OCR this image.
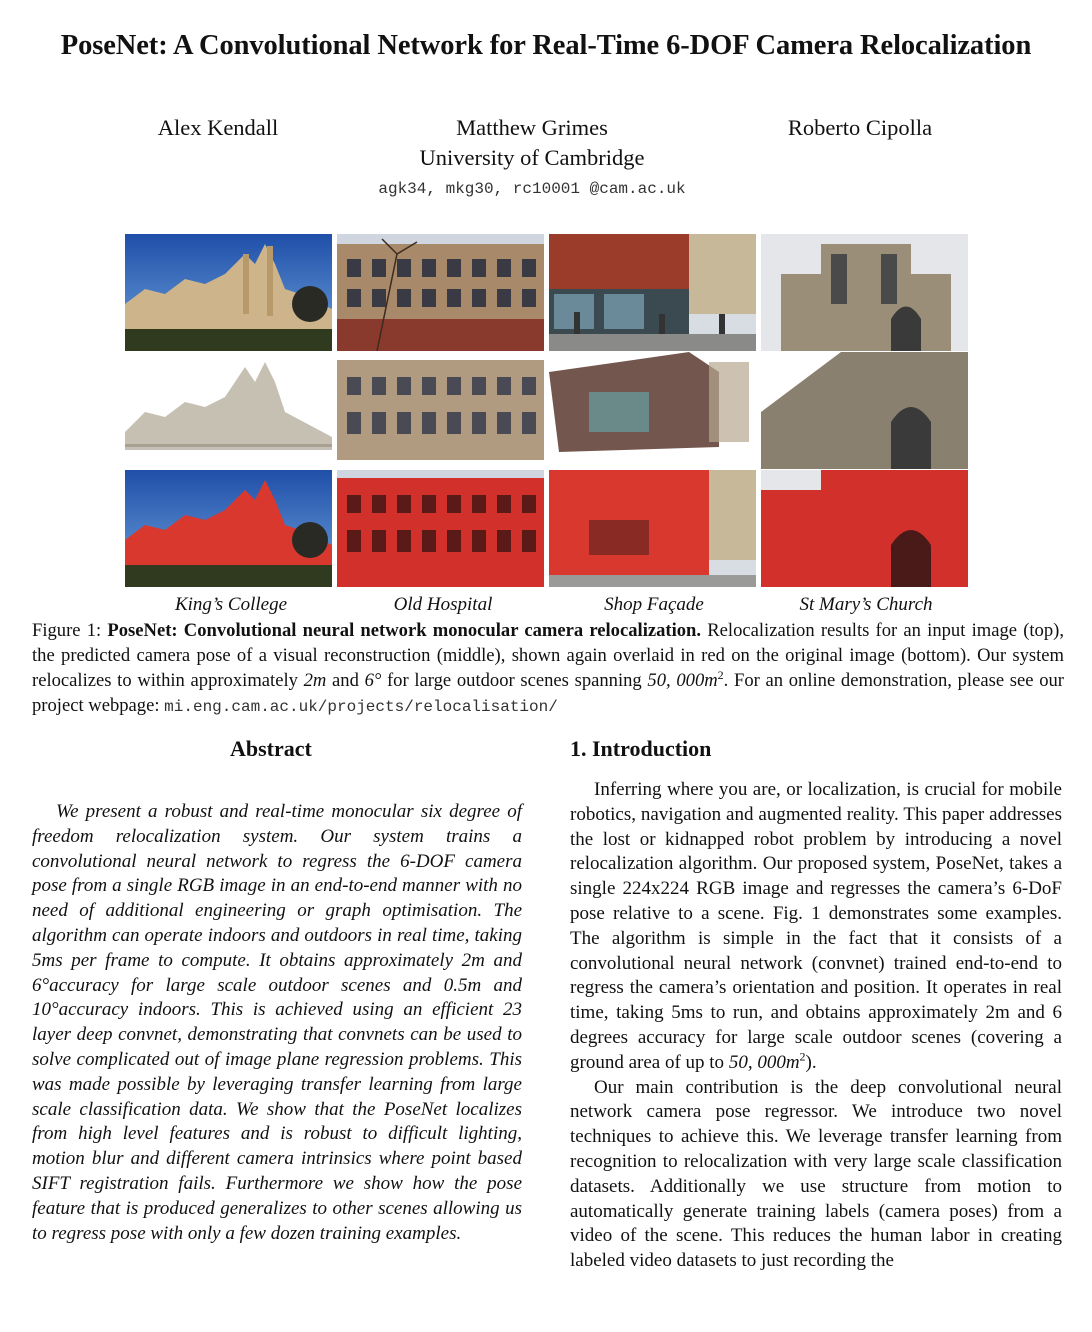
PoseNet: A Convolutional Network for Real-Time 6-DOF Camera Relocalization
Alex Kendall	Matthew Grimes	Roberto Cipolla
University of Cambridge
agk34, mkg30, rc10001 @cam.ac.uk
King’s College	Old Hospital	Shop Façade	St Mary’s Church
Figure 1: PoseNet: Convolutional neural network monocular camera relocalization. Relocalization results for an input image (top), the predicted camera pose of a visual reconstruction (middle), shown again overlaid in red on the original image (bottom). Our system relocalizes to within approximately 2m and 6° for large outdoor scenes spanning 50, $000m^2$. For an online demonstration, please see our project webpage: mi.eng.cam.ac.uk/projects/relocalisation/
Abstract

We present a robust and real-time monocular six degree of freedom relocalization system. Our system trains a convolutional neural network to regress the 6-DOF camera pose from a single RGB image in an end-to-end manner with no need of additional engineering or graph optimisation. The algorithm can operate indoors and outdoors in real time, taking 5ms per frame to compute. It obtains approximately 2m and 6°accuracy for large scale outdoor scenes and 0.5m and 10°accuracy indoors. This is achieved using an efficient 23 layer deep convnet, demonstrating that convnets can be used to solve complicated out of image plane regression problems. This was made possible by leveraging transfer learning from large scale classification data. We show that the PoseNet localizes from high level features and is robust to difficult lighting, motion blur and different camera intrinsics where point based SIFT registration fails. Furthermore we show how the pose feature that is produced generalizes to other scenes allowing us to regress pose with only a few dozen training examples.

1. Introduction

Inferring where you are, or localization, is crucial for mobile robotics, navigation and augmented reality. This paper addresses the lost or kidnapped robot problem by introducing a novel relocalization algorithm. Our proposed system, PoseNet, takes a single 224x224 RGB image and regresses the camera’s 6-DoF pose relative to a scene. Fig. 1 demonstrates some examples. The algorithm is simple in the fact that it consists of a convolutional neural network (convnet) trained end-to-end to regress the camera’s orientation and position. It operates in real time, taking 5ms to run, and obtains approximately 2m and 6 degrees accuracy for large scale outdoor scenes (covering a ground area of up to 50, $000m^2$).

Our main contribution is the deep convolutional neural network camera pose regressor. We introduce two novel techniques to achieve this. We leverage transfer learning from recognition to relocalization with very large scale classification datasets. Additionally we use structure from motion to automatically generate training labels (camera poses) from a video of the scene. This reduces the human labor in creating labeled video datasets to just recording the
